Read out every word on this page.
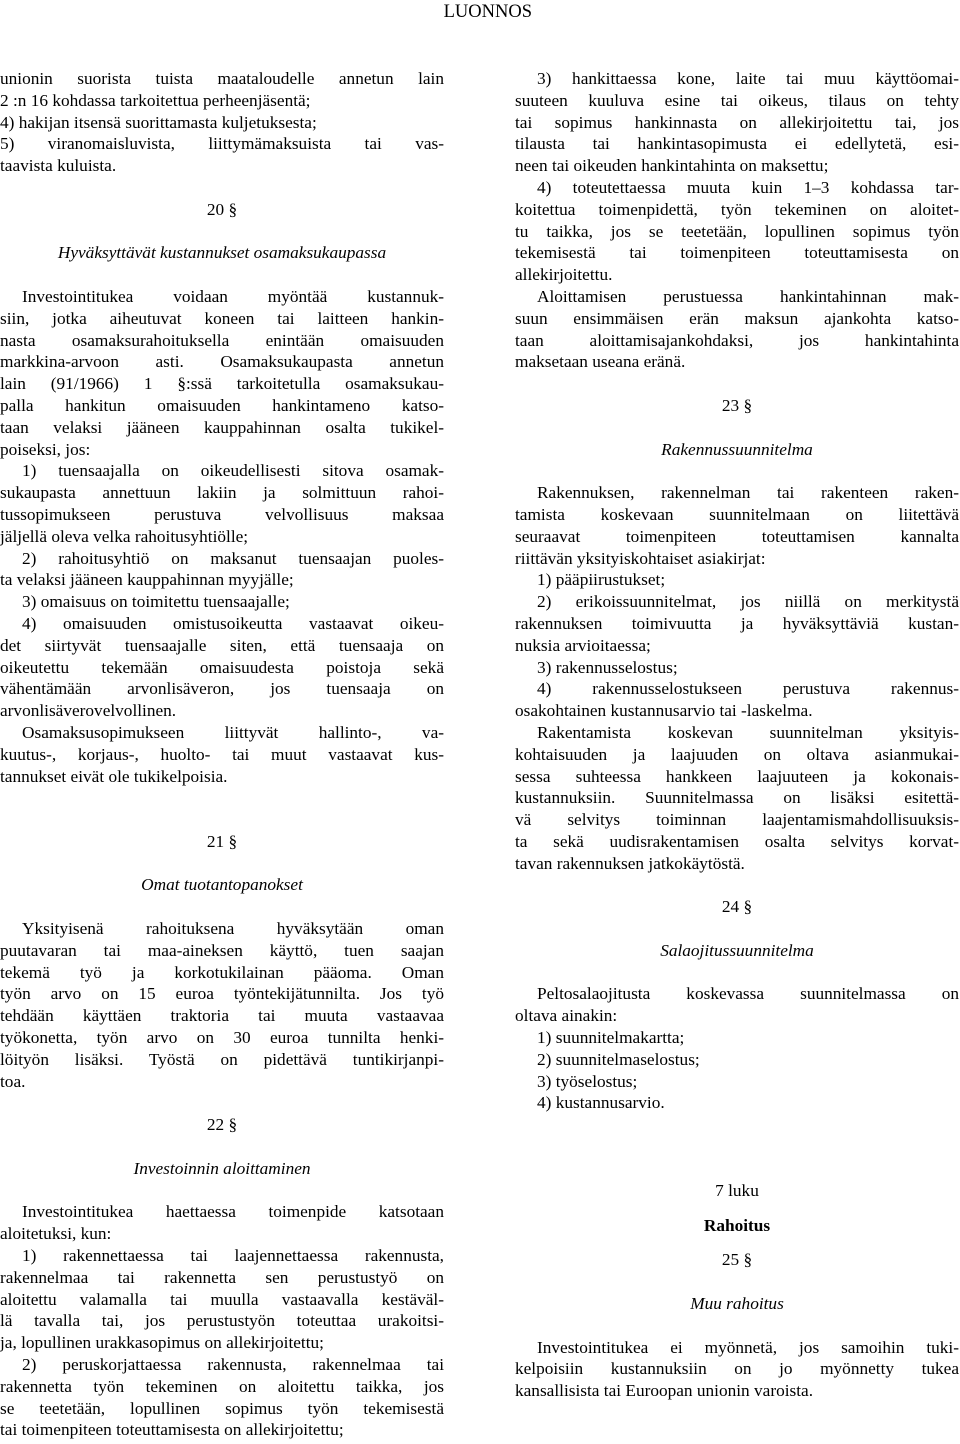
LUONNOS

unionin suorista tuista maataloudelle annetun lain

2 :n 16 kohdassa tarkoitettua perheenjäsentä;

4) hakijan itsensä suorittamasta kuljetuksesta;

5) viranomaisluvista, liittymämaksuista tai vas-

taavista kuluista.

20 §

Hyväksyttävät kustannukset osamaksukaupassa

Investointitukea voidaan myöntää kustannuk-

siin, jotka aiheutuvat koneen tai laitteen hankin-

nasta osamaksurahoituksella enintään omaisuuden

markkina-arvoon asti. Osamaksukaupasta annetun

lain (91/1966) 1 §:ssä tarkoitetulla osamaksukau-

palla hankitun omaisuuden hankintameno katso-

taan velaksi jääneen kauppahinnan osalta tukikel-

poiseksi, jos:

1) tuensaajalla on oikeudellisesti sitova osamak-

sukaupasta annettuun lakiin ja solmittuun rahoi-

tussopimukseen perustuva velvollisuus maksaa

jäljellä oleva velka rahoitusyhtiölle;

2) rahoitusyhtiö on maksanut tuensaajan puoles-

ta velaksi jääneen kauppahinnan myyjälle;

3) omaisuus on toimitettu tuensaajalle;

4) omaisuuden omistusoikeutta vastaavat oikeu-

det siirtyvät tuensaajalle siten, että tuensaaja on

oikeutettu tekemään omaisuudesta poistoja sekä

vähentämään arvonlisäveron, jos tuensaaja on

arvonlisäverovelvollinen.

Osamaksusopimukseen liittyvät hallinto-, va-

kuutus-, korjaus-, huolto- tai muut vastaavat kus-

tannukset eivät ole tukikelpoisia.

21 §

Omat tuotantopanokset

Yksityisenä rahoituksena hyväksytään oman

puutavaran tai maa-aineksen käyttö, tuen saajan

tekemä työ ja korkotukilainan pääoma. Oman

työn arvo on 15 euroa työntekijätunnilta. Jos työ

tehdään käyttäen traktoria tai muuta vastaavaa

työkonetta, työn arvo on 30 euroa tunnilta henki-

löityön lisäksi. Työstä on pidettävä tuntikirjanpi-

toa.

22 §

Investoinnin aloittaminen

Investointitukea haettaessa toimenpide katsotaan

aloitetuksi, kun:

1) rakennettaessa tai laajennettaessa rakennusta,

rakennelmaa tai rakennetta sen perustustyö on

aloitettu valamalla tai muulla vastaavalla kestäväl-

lä tavalla tai, jos perustustyön toteuttaa urakoitsi-

ja, lopullinen urakkasopimus on allekirjoitettu;

2) peruskorjattaessa rakennusta, rakennelmaa tai

rakennetta työn tekeminen on aloitettu taikka, jos

se teetetään, lopullinen sopimus työn tekemisestä

tai toimenpiteen toteuttamisesta on allekirjoitettu;

3) hankittaessa kone, laite tai muu käyttöomai-

suuteen kuuluva esine tai oikeus, tilaus on tehty

tai sopimus hankinnasta on allekirjoitettu tai, jos

tilausta tai hankintasopimusta ei edellytetä, esi-

neen tai oikeuden hankintahinta on maksettu;

4) toteutettaessa muuta kuin 1–3 kohdassa tar-

koitettua toimenpidettä, työn tekeminen on aloitet-

tu taikka, jos se teetetään, lopullinen sopimus työn

tekemisestä tai toimenpiteen toteuttamisesta on

allekirjoitettu.

Aloittamisen perustuessa hankintahinnan mak-

suun ensimmäisen erän maksun ajankohta katso-

taan aloittamisajankohdaksi, jos hankintahinta

maksetaan useana eränä.

23 §

Rakennussuunnitelma

Rakennuksen, rakennelman tai rakenteen raken-

tamista koskevaan suunnitelmaan on liitettävä

seuraavat toimenpiteen toteuttamisen kannalta

riittävän yksityiskohtaiset asiakirjat:

1) pääpiirustukset;

2) erikoissuunnitelmat, jos niillä on merkitystä

rakennuksen toimivuutta ja hyväksyttäviä kustan-

nuksia arvioitaessa;

3) rakennusselostus;

4) rakennusselostukseen perustuva rakennus-

osakohtainen kustannusarvio tai -laskelma.

Rakentamista koskevan suunnitelman yksityis-

kohtaisuuden ja laajuuden on oltava asianmukai-

sessa suhteessa hankkeen laajuuteen ja kokonais-

kustannuksiin. Suunnitelmassa on lisäksi esitettä-

vä selvitys toiminnan laajentamismahdollisuuksis-

ta sekä uudisrakentamisen osalta selvitys korvat-

tavan rakennuksen jatkokäytöstä.

24 §

Salaojitussuunnitelma

Peltosalaojitusta koskevassa suunnitelmassa on

oltava ainakin:

1) suunnitelmakartta;

2) suunnitelmaselostus;

3) työselostus;

4) kustannusarvio.

7 luku

Rahoitus

25 §

Muu rahoitus

Investointitukea ei myönnetä, jos samoihin tuki-

kelpoisiin kustannuksiin on jo myönnetty tukea

kansallisista tai Euroopan unionin varoista.
